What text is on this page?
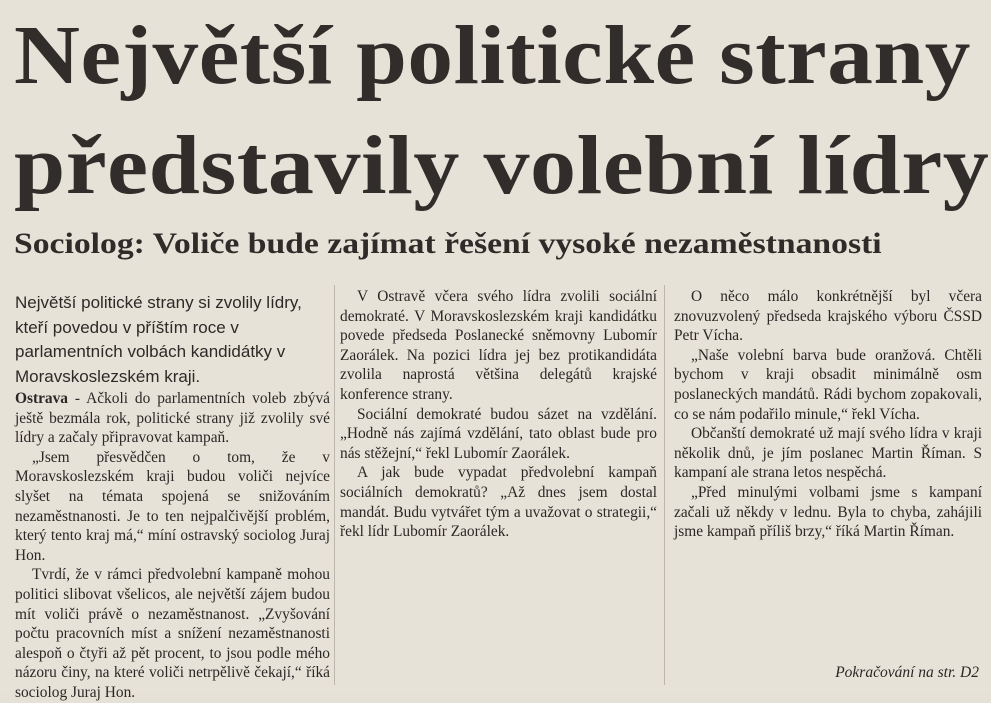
Největší politické strany
představily volební lídry
Sociolog: Voliče bude zajímat řešení vysoké nezaměstnanosti

Největší politické strany si zvolily lídry, kteří povedou v příštím roce v parlamentních volbách kandidátky v Moravskoslezském kraji.

Ostrava - Ačkoli do parlamentních voleb zbývá ještě bezmála rok, politické strany již zvolily své lídry a začaly připravovat kampaň.

„Jsem přesvědčen o tom, že v Moravskoslezském kraji budou voliči nejvíce slyšet na témata spojená se snižováním nezaměstnanosti. Je to ten nejpalčivější problém, který tento kraj má,“ míní ostravský sociolog Juraj Hon.

Tvrdí, že v rámci předvolební kampaně mohou politici slibovat všelicos, ale největší zájem budou mít voliči právě o nezaměstnanost. „Zvyšování počtu pracovních míst a snížení nezaměstnanosti alespoň o čtyři až pět procent, to jsou podle mého názoru činy, na které voliči netrpělivě čekají,“ říká sociolog Juraj Hon.

V Ostravě včera svého lídra zvolili sociální demokraté. V Moravskoslezském kraji kandidátku povede předseda Poslanecké sněmovny Lubomír Zaorálek. Na pozici lídra jej bez protikandidáta zvolila naprostá většina delegátů krajské konference strany.

Sociální demokraté budou sázet na vzdělání. „Hodně nás zajímá vzdělání, tato oblast bude pro nás stěžejní,“ řekl Lubomír Zaorálek.

A jak bude vypadat předvolební kampaň sociálních demokratů? „Až dnes jsem dostal mandát. Budu vytvářet tým a uvažovat o strategii,“ řekl lídr Lubomír Zaorálek.

O něco málo konkrétnější byl včera znovuzvolený předseda krajského výboru ČSSD Petr Vícha.

„Naše volební barva bude oranžová. Chtěli bychom v kraji obsadit minimálně osm poslaneckých mandátů. Rádi bychom zopakovali, co se nám podařilo minule,“ řekl Vícha.

Občanští demokraté už mají svého lídra v kraji několik dnů, je jím poslanec Martin Říman. S kampaní ale strana letos nespěchá.

„Před minulými volbami jsme s kampaní začali už někdy v lednu. Byla to chyba, zahájili jsme kampaň příliš brzy,“ říká Martin Říman.

Pokračování na str. D2
